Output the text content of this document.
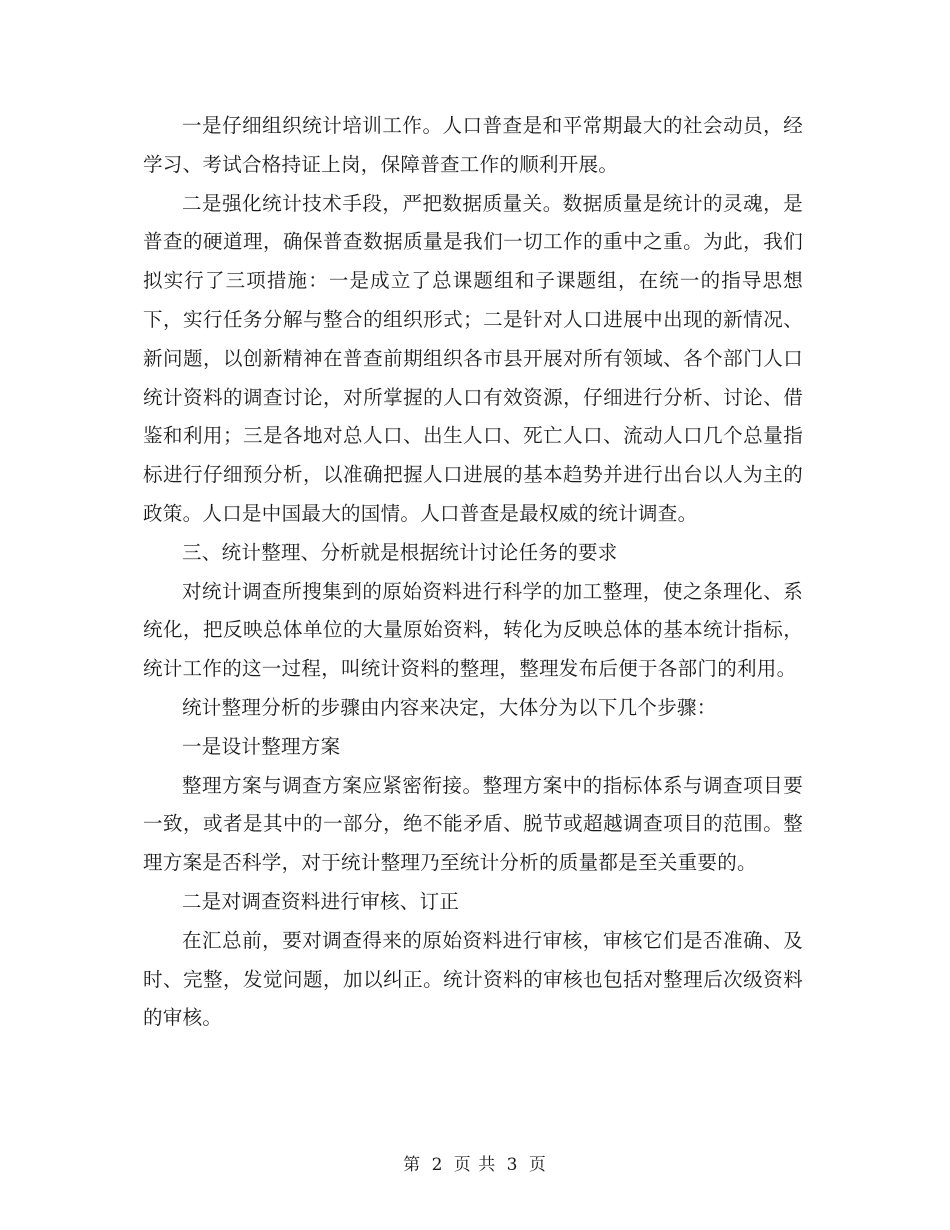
一是仔细组织统计培训工作。人口普查是和平常期最大的社会动员，经学习、考试合格持证上岗，保障普查工作的顺利开展。

二是强化统计技术手段，严把数据质量关。数据质量是统计的灵魂，是普查的硬道理，确保普查数据质量是我们一切工作的重中之重。为此，我们拟实行了三项措施：一是成立了总课题组和子课题组，在统一的指导思想下，实行任务分解与整合的组织形式；二是针对人口进展中出现的新情况、新问题，以创新精神在普查前期组织各市县开展对所有领域、各个部门人口统计资料的调查讨论，对所掌握的人口有效资源，仔细进行分析、讨论、借鉴和利用；三是各地对总人口、出生人口、死亡人口、流动人口几个总量指标进行仔细预分析，以准确把握人口进展的基本趋势并进行出台以人为主的政策。人口是中国最大的国情。人口普查是最权威的统计调查。

三、统计整理、分析就是根据统计讨论任务的要求

对统计调查所搜集到的原始资料进行科学的加工整理，使之条理化、系统化，把反映总体单位的大量原始资料，转化为反映总体的基本统计指标，统计工作的这一过程，叫统计资料的整理，整理发布后便于各部门的利用。

统计整理分析的步骤由内容来决定，大体分为以下几个步骤：

一是设计整理方案

整理方案与调查方案应紧密衔接。整理方案中的指标体系与调查项目要一致，或者是其中的一部分，绝不能矛盾、脱节或超越调查项目的范围。整理方案是否科学，对于统计整理乃至统计分析的质量都是至关重要的。

二是对调查资料进行审核、订正

在汇总前，要对调查得来的原始资料进行审核，审核它们是否准确、及时、完整，发觉问题，加以纠正。统计资料的审核也包括对整理后次级资料的审核。

第 2 页 共 3 页
